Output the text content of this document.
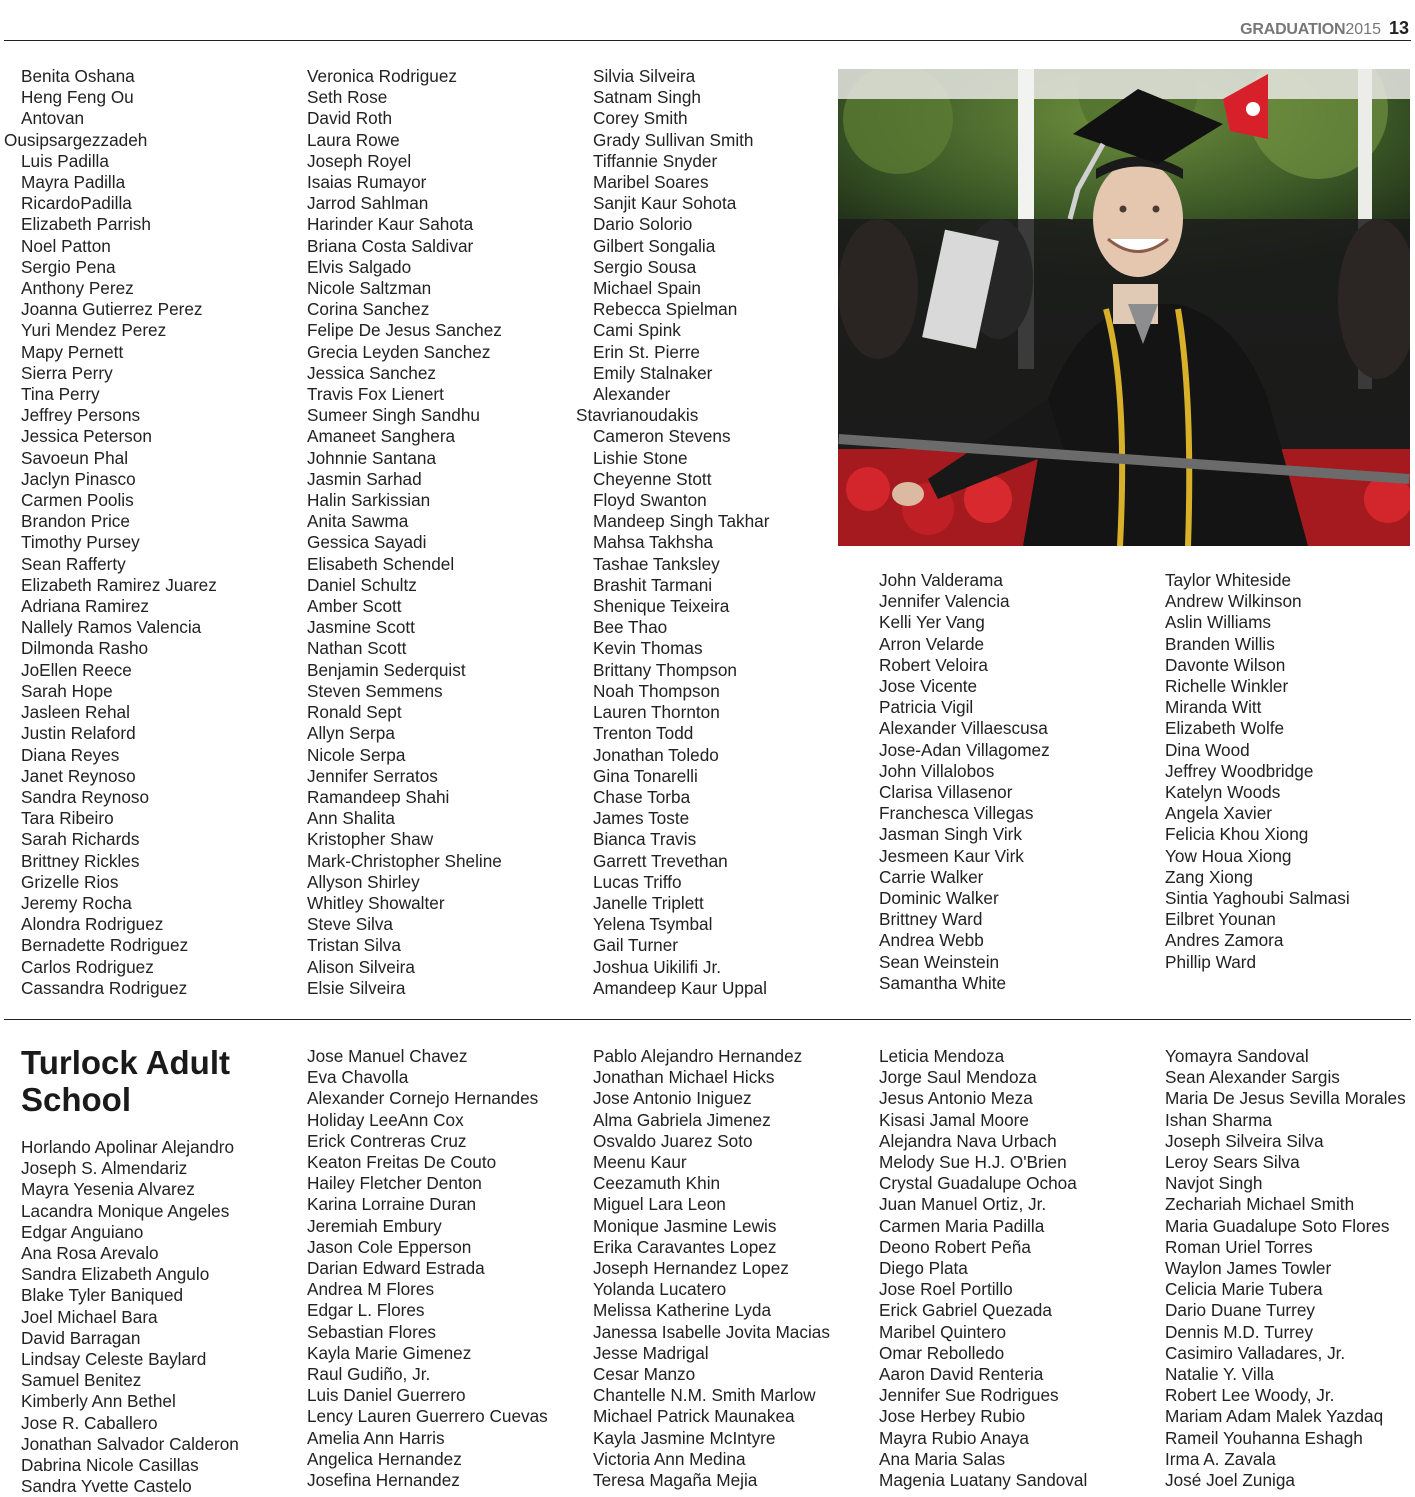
GRADUATION 2015 13
Benita Oshana
Heng Feng Ou
Antovan
Ousipsargezzadeh
Luis Padilla
Mayra Padilla
RicardoPadilla
Elizabeth Parrish
Noel Patton
Sergio Pena
Anthony Perez
Joanna Gutierrez Perez
Yuri Mendez Perez
Mapy Pernett
Sierra Perry
Tina Perry
Jeffrey Persons
Jessica Peterson
Savoeun Phal
Jaclyn Pinasco
Carmen Poolis
Brandon Price
Timothy Pursey
Sean Rafferty
Elizabeth Ramirez Juarez
Adriana Ramirez
Nallely Ramos Valencia
Dilmonda Rasho
JoEllen Reece
Sarah Hope
Jasleen Rehal
Justin Relaford
Diana Reyes
Janet Reynoso
Sandra Reynoso
Tara Ribeiro
Sarah Richards
Brittney Rickles
Grizelle Rios
Jeremy Rocha
Alondra Rodriguez
Bernadette Rodriguez
Carlos Rodriguez
Cassandra Rodriguez
Veronica Rodriguez
Seth Rose
David Roth
Laura Rowe
Joseph Royel
Isaias Rumayor
Jarrod Sahlman
Harinder Kaur Sahota
Briana Costa Saldivar
Elvis Salgado
Nicole Saltzman
Corina Sanchez
Felipe De Jesus Sanchez
Grecia Leyden Sanchez
Jessica Sanchez
Travis Fox Lienert
Sumeer Singh Sandhu
Amaneet Sanghera
Johnnie Santana
Jasmin Sarhad
Halin Sarkissian
Anita Sawma
Gessica Sayadi
Elisabeth Schendel
Daniel Schultz
Amber Scott
Jasmine Scott
Nathan Scott
Benjamin Sederquist
Steven Semmens
Ronald Sept
Allyn Serpa
Nicole Serpa
Jennifer Serratos
Ramandeep Shahi
Ann Shalita
Kristopher Shaw
Mark-Christopher Sheline
Allyson Shirley
Whitley Showalter
Steve Silva
Tristan Silva
Alison Silveira
Elsie Silveira
Silvia Silveira
Satnam Singh
Corey Smith
Grady Sullivan Smith
Tiffannie Snyder
Maribel Soares
Sanjit Kaur Sohota
Dario Solorio
Gilbert Songalia
Sergio Sousa
Michael Spain
Rebecca Spielman
Cami Spink
Erin St. Pierre
Emily Stalnaker
Alexander
Stavrianoudakis
Cameron Stevens
Lishie Stone
Cheyenne Stott
Floyd Swanton
Mandeep Singh Takhar
Mahsa Takhsha
Tashae Tanksley
Brashit Tarmani
Shenique Teixeira
Bee Thao
Kevin Thomas
Brittany Thompson
Noah Thompson
Lauren Thornton
Trenton Todd
Jonathan Toledo
Gina Tonarelli
Chase Torba
James Toste
Bianca Travis
Garrett Trevethan
Lucas Triffo
Janelle Triplett
Yelena Tsymbal
Gail Turner
Joshua Uikilifi Jr.
Amandeep Kaur Uppal
John Valderama
Jennifer Valencia
Kelli Yer Vang
Arron Velarde
Robert Veloira
Jose Vicente
Patricia Vigil
Alexander Villaescusa
Jose-Adan Villagomez
John Villalobos
Clarisa Villasenor
Franchesca Villegas
Jasman Singh Virk
Jesmeen Kaur Virk
Carrie Walker
Dominic Walker
Brittney Ward
Andrea Webb
Sean Weinstein
Samantha White
Taylor Whiteside
Andrew Wilkinson
Aslin Williams
Branden Willis
Davonte Wilson
Richelle Winkler
Miranda Witt
Elizabeth Wolfe
Dina Wood
Jeffrey Woodbridge
Katelyn Woods
Angela Xavier
Felicia Khou Xiong
Yow Houa Xiong
Zang Xiong
Sintia Yaghoubi Salmasi
Eilbret Younan
Andres Zamora
Phillip Ward
Turlock Adult
School
Horlando Apolinar Alejandro
Joseph S. Almendariz
Mayra Yesenia Alvarez
Lacandra Monique Angeles
Edgar Anguiano
Ana Rosa Arevalo
Sandra Elizabeth Angulo
Blake Tyler Baniqued
Joel Michael Bara
David Barragan
Lindsay Celeste Baylard
Samuel Benitez
Kimberly Ann Bethel
Jose R. Caballero
Jonathan Salvador Calderon
Dabrina Nicole Casillas
Sandra Yvette Castelo
Jose Manuel Chavez
Eva Chavolla
Alexander Cornejo Hernandes
Holiday LeeAnn Cox
Erick Contreras Cruz
Keaton Freitas De Couto
Hailey Fletcher Denton
Karina Lorraine Duran
Jeremiah Embury
Jason Cole Epperson
Darian Edward Estrada
Andrea M Flores
Edgar L. Flores
Sebastian Flores
Kayla Marie Gimenez
Raul Gudiño, Jr.
Luis Daniel Guerrero
Lency Lauren Guerrero Cuevas
Amelia Ann Harris
Angelica Hernandez
Josefina Hernandez
Pablo Alejandro Hernandez
Jonathan Michael Hicks
Jose Antonio Iniguez
Alma Gabriela Jimenez
Osvaldo Juarez Soto
Meenu Kaur
Ceezamuth Khin
Miguel Lara Leon
Monique Jasmine Lewis
Erika Caravantes Lopez
Joseph Hernandez Lopez
Yolanda Lucatero
Melissa Katherine Lyda
Janessa Isabelle Jovita Macias
Jesse Madrigal
Cesar Manzo
Chantelle N.M. Smith Marlow
Michael Patrick Maunakea
Kayla Jasmine McIntyre
Victoria Ann Medina
Teresa Magaña Mejia
Leticia Mendoza
Jorge Saul Mendoza
Jesus Antonio Meza
Kisasi Jamal Moore
Alejandra Nava Urbach
Melody Sue H.J. O'Brien
Crystal Guadalupe Ochoa
Juan Manuel Ortiz, Jr.
Carmen Maria Padilla
Deono Robert Peña
Diego Plata
Jose Roel Portillo
Erick Gabriel Quezada
Maribel Quintero
Omar Rebolledo
Aaron David Renteria
Jennifer Sue Rodrigues
Jose Herbey Rubio
Mayra Rubio Anaya
Ana Maria Salas
Magenia Luatany Sandoval
Yomayra Sandoval
Sean Alexander Sargis
Maria De Jesus Sevilla Morales
Ishan Sharma
Joseph Silveira Silva
Leroy Sears Silva
Navjot Singh
Zechariah Michael Smith
Maria Guadalupe Soto Flores
Roman Uriel Torres
Waylon James Towler
Celicia Marie Tubera
Dario Duane Turrey
Dennis M.D. Turrey
Casimiro Valladares, Jr.
Natalie Y. Villa
Robert Lee Woody, Jr.
Mariam Adam Malek Yazdaq
Rameil Youhanna Eshagh
Irma A. Zavala
José Joel Zuniga
